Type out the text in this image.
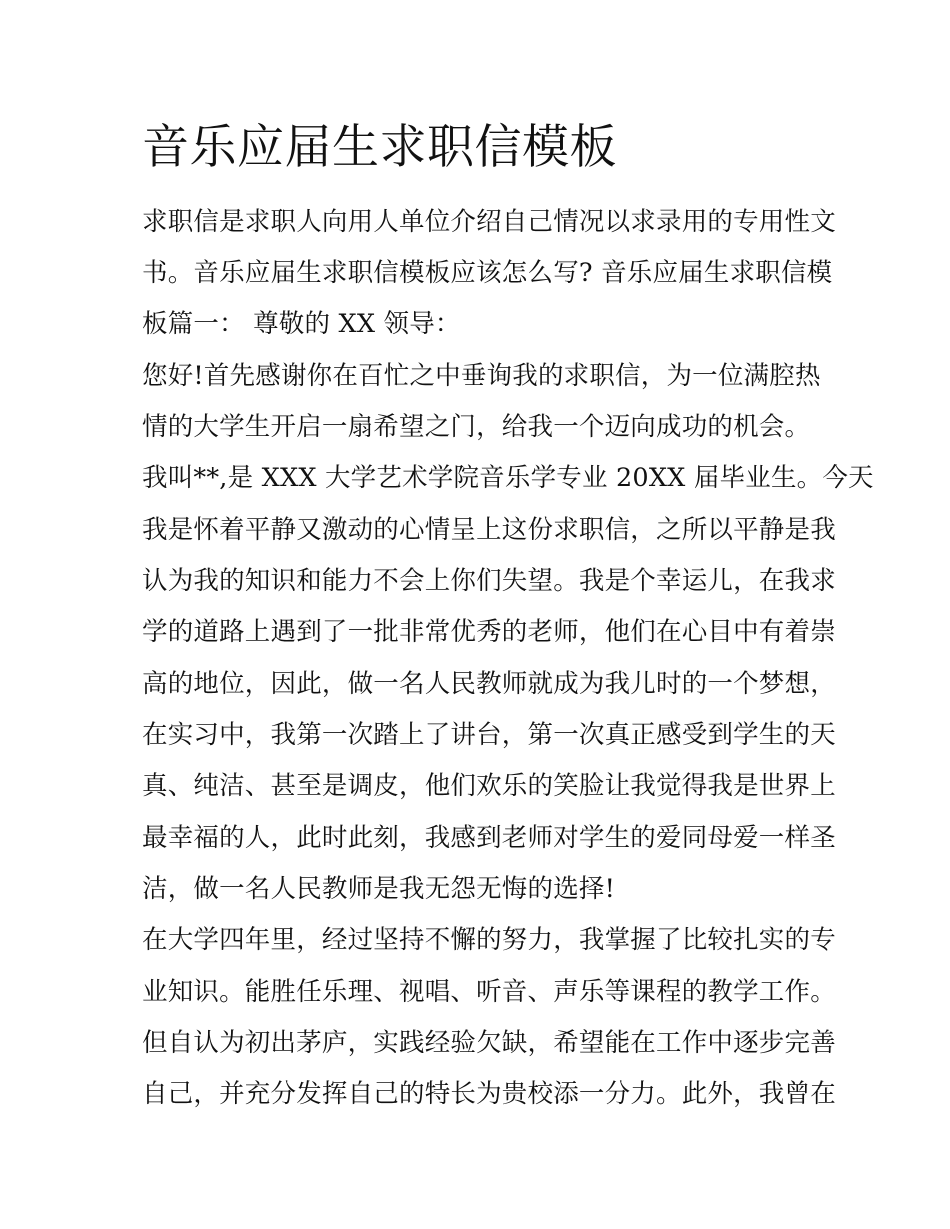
音乐应届生求职信模板
求职信是求职人向用人单位介绍自己情况以求录用的专用性文
书。音乐应届生求职信模板应该怎么写? 音乐应届生求职信模
板篇一： 尊敬的 XX 领导：
您好!首先感谢你在百忙之中垂询我的求职信，为一位满腔热
情的大学生开启一扇希望之门，给我一个迈向成功的机会。
我叫**,是 XXX 大学艺术学院音乐学专业 20XX 届毕业生。今天
我是怀着平静又激动的心情呈上这份求职信，之所以平静是我
认为我的知识和能力不会上你们失望。我是个幸运儿，在我求
学的道路上遇到了一批非常优秀的老师，他们在心目中有着崇
高的地位，因此，做一名人民教师就成为我儿时的一个梦想，
在实习中，我第一次踏上了讲台，第一次真正感受到学生的天
真、纯洁、甚至是调皮，他们欢乐的笑脸让我觉得我是世界上
最幸福的人，此时此刻，我感到老师对学生的爱同母爱一样圣
洁，做一名人民教师是我无怨无悔的选择!
在大学四年里，经过坚持不懈的努力，我掌握了比较扎实的专
业知识。能胜任乐理、视唱、听音、声乐等课程的教学工作。
但自认为初出茅庐，实践经验欠缺，希望能在工作中逐步完善
自己，并充分发挥自己的特长为贵校添一分力。此外，我曾在
